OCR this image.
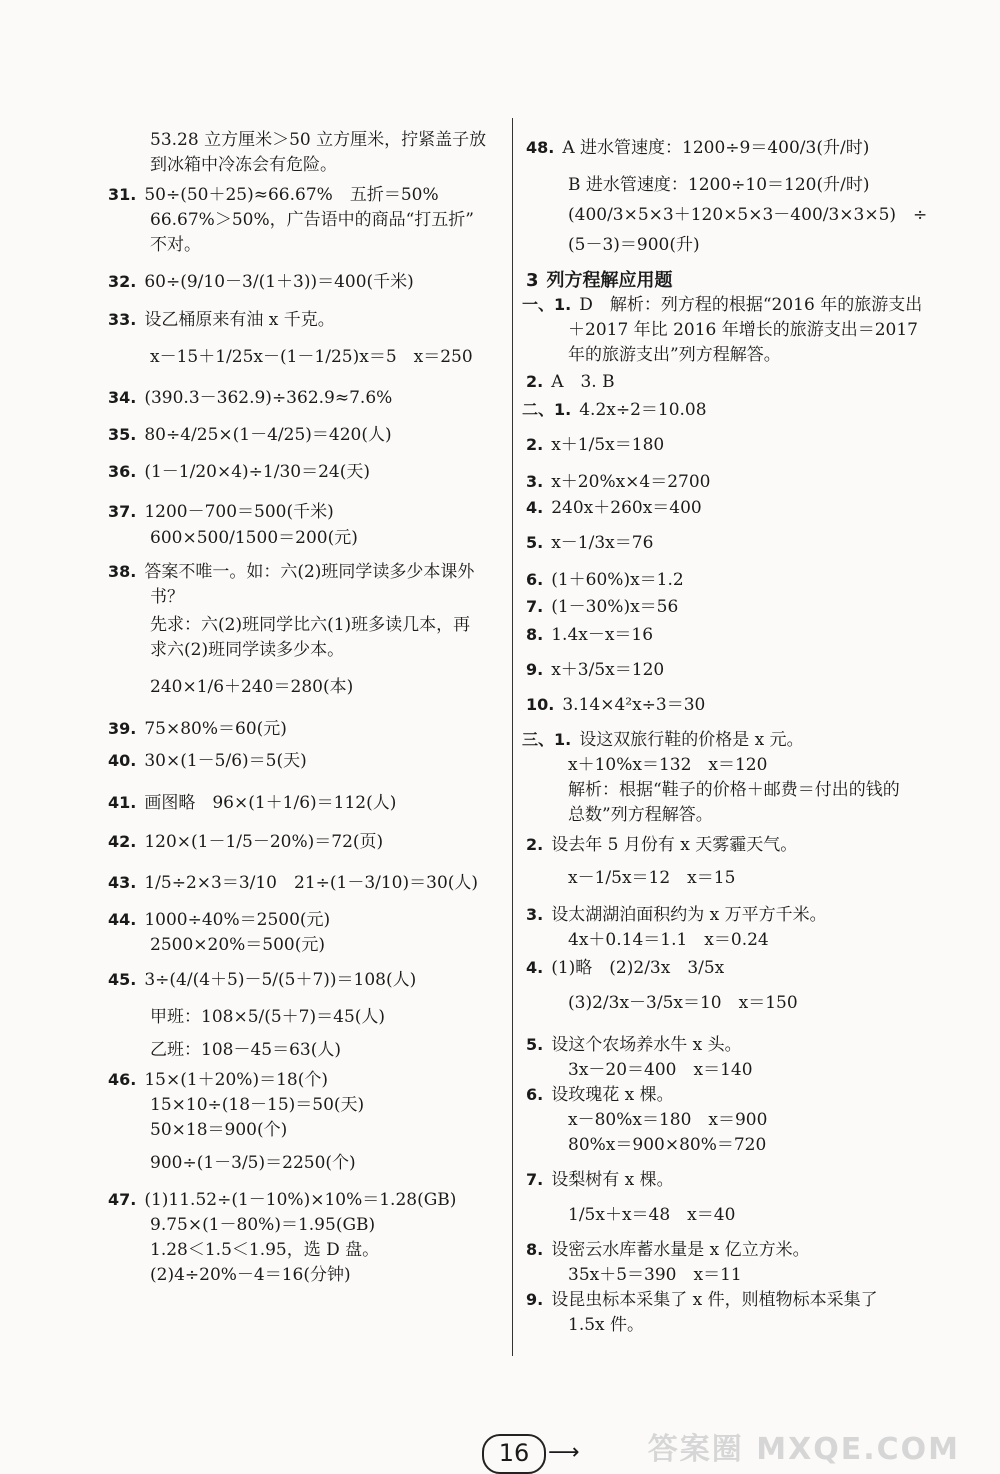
53.28 立方厘米＞50 立方厘米，拧紧盖子放
到冰箱中冷冻会有危险。
31. 50÷(50＋25)≈66.67%　五折＝50%
66.67%＞50%，广告语中的商品“打五折”
不对。
32. 60÷(9/10－3/(1＋3))＝400(千米)
33. 设乙桶原来有油 x 千克。
x－15＋1/25x－(1－1/25)x＝5　x＝250
34. (390.3－362.9)÷362.9≈7.6%
35. 80÷4/25×(1－4/25)＝420(人)
36. (1－1/20×4)÷1/30＝24(天)
37. 1200－700＝500(千米)
600×500/1500＝200(元)
38. 答案不唯一。如：六(2)班同学读多少本课外
书？
先求：六(2)班同学比六(1)班多读几本，再
求六(2)班同学读多少本。
240×1/6＋240＝280(本)
39. 75×80%＝60(元)
40. 30×(1－5/6)＝5(天)
41. 画图略　96×(1＋1/6)＝112(人)
42. 120×(1－1/5－20%)＝72(页)
43. 1/5÷2×3＝3/10　21÷(1－3/10)＝30(人)
44. 1000÷40%＝2500(元)
2500×20%＝500(元)
45. 3÷(4/(4＋5)－5/(5＋7))＝108(人)
甲班：108×5/(5＋7)＝45(人)
乙班：108－45＝63(人)
46. 15×(1＋20%)＝18(个)
15×10÷(18－15)＝50(天)
50×18＝900(个)
900÷(1－3/5)＝2250(个)
47. (1)11.52÷(1－10%)×10%＝1.28(GB)
9.75×(1－80%)＝1.95(GB)
1.28＜1.5＜1.95，选 D 盘。
(2)4÷20%－4＝16(分钟)
48. A 进水管速度：1200÷9＝400/3(升/时)
B 进水管速度：1200÷10＝120(升/时)
(400/3×5×3＋120×5×3－400/3×3×5)　÷
(5－3)＝900(升)
3 列方程解应用题
一、1. D　解析：列方程的根据“2016 年的旅游支出
＋2017 年比 2016 年增长的旅游支出＝2017
年的旅游支出”列方程解答。
2. A　3. B
二、1. 4.2x÷2＝10.08
2. x＋1/5x＝180
3. x＋20%x×4＝2700
4. 240x＋260x＝400
5. x－1/3x＝76
6. (1＋60%)x＝1.2
7. (1－30%)x＝56
8. 1.4x－x＝16
9. x＋3/5x＝120
10. 3.14×4²x÷3＝30
三、1. 设这双旅行鞋的价格是 x 元。
x＋10%x＝132　x＝120
解析：根据“鞋子的价格＋邮费＝付出的钱的
总数”列方程解答。
2. 设去年 5 月份有 x 天雾霾天气。
x－1/5x＝12　x＝15
3. 设太湖湖泊面积约为 x 万平方千米。
4x＋0.14＝1.1　x＝0.24
4. (1)略　(2)2/3x　3/5x
(3)2/3x－3/5x＝10　x＝150
5. 设这个农场养水牛 x 头。
3x－20＝400　x＝140
6. 设玫瑰花 x 棵。
x－80%x＝180　x＝900
80%x＝900×80%＝720
7. 设梨树有 x 棵。
1/5x＋x＝48　x＝40
8. 设密云水库蓄水量是 x 亿立方米。
35x＋5＝390　x＝11
9. 设昆虫标本采集了 x 件，则植物标本采集了
1.5x 件。
16 ⟶ 答案圈 MXQE.COM
